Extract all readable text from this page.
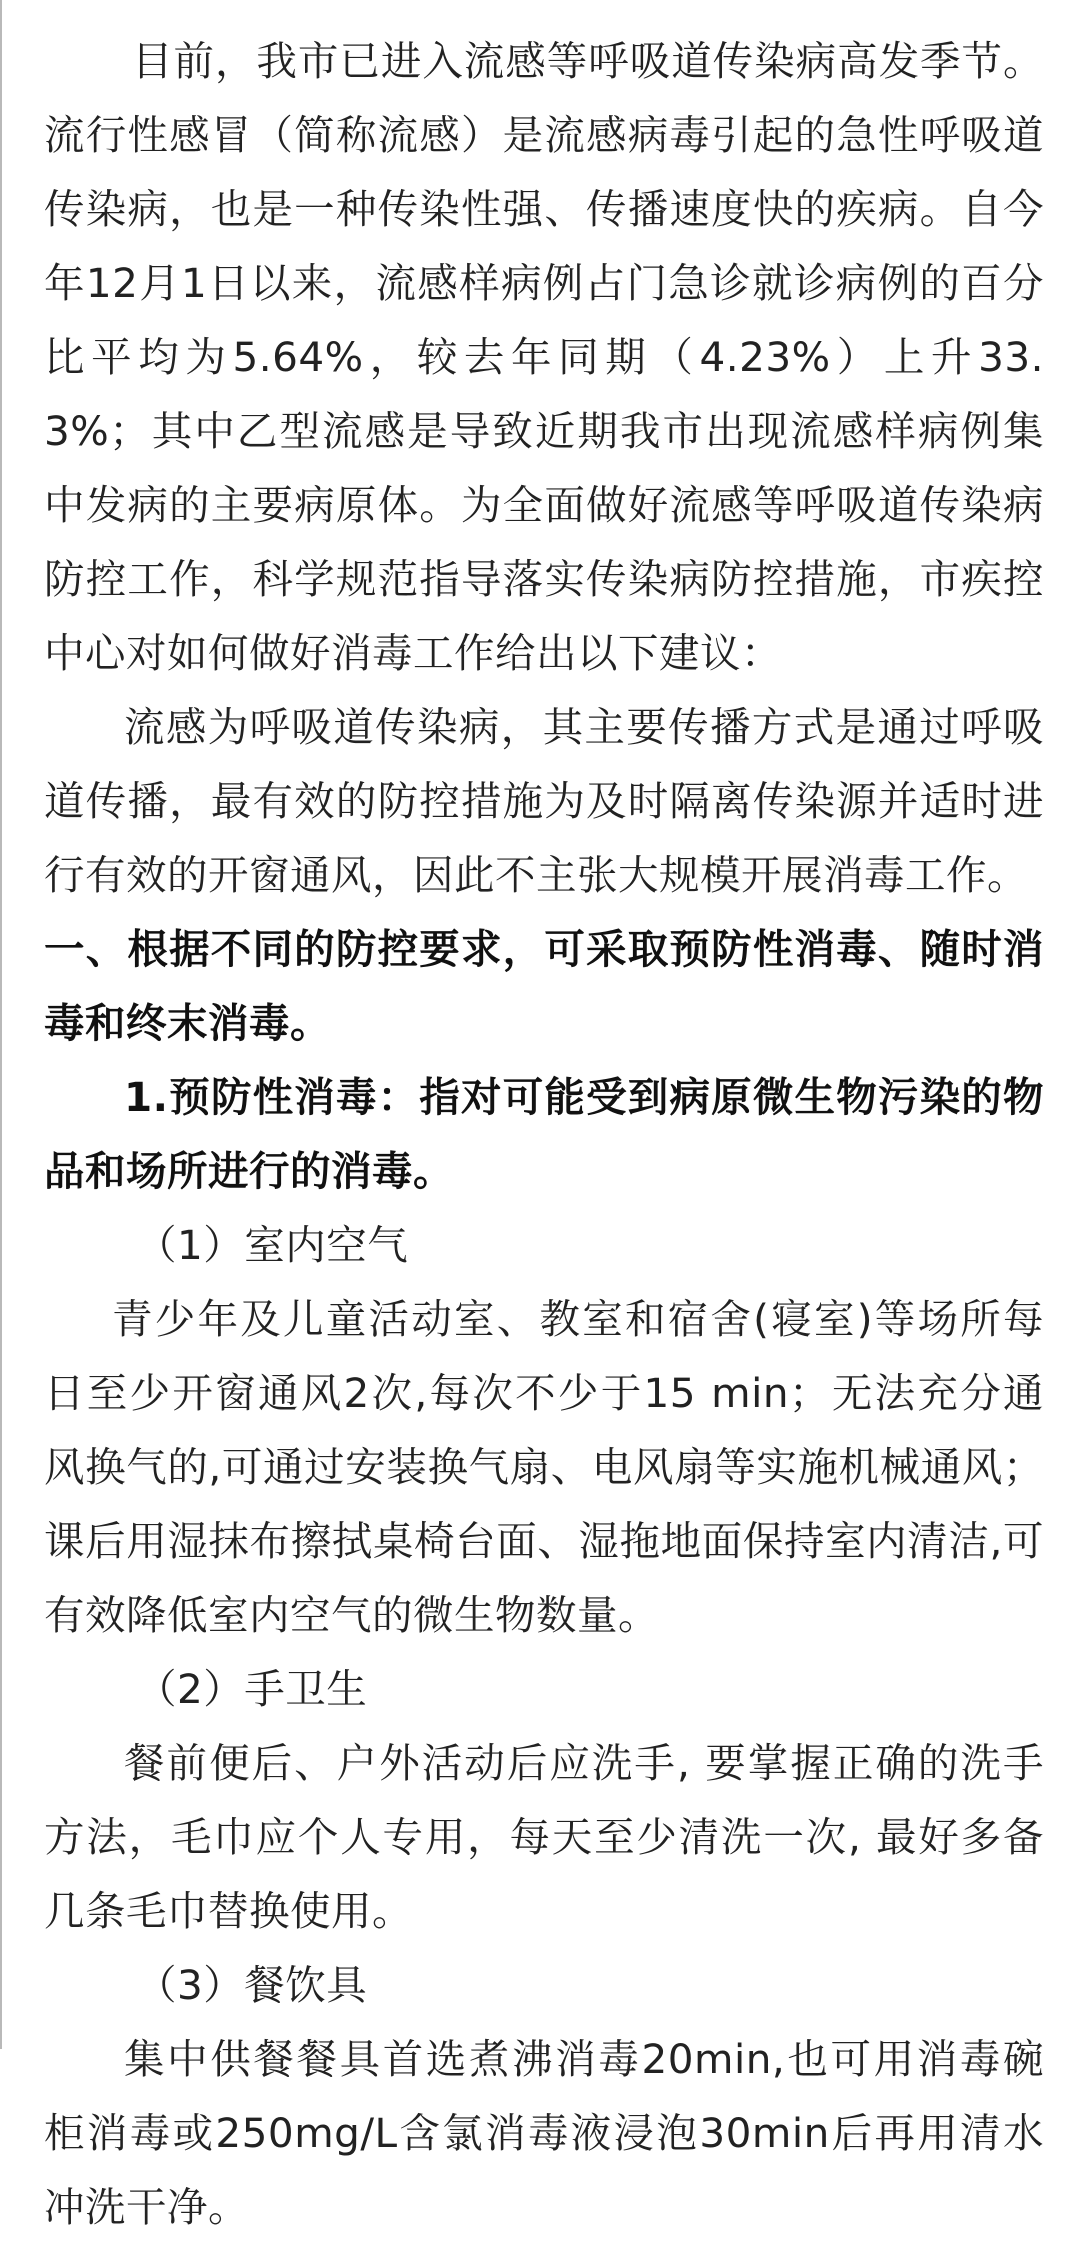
目前，我市已进入流感等呼吸道传染病高发季节。流行性感冒（简称流感）是流感病毒引起的急性呼吸道传染病，也是一种传染性强、传播速度快的疾病。自今年12月1日以来，流感样病例占门急诊就诊病例的百分比平均为5.64%，较去年同期（4.23%）上升33.3%；其中乙型流感是导致近期我市出现流感样病例集中发病的主要病原体。为全面做好流感等呼吸道传染病防控工作，科学规范指导落实传染病防控措施，市疾控中心对如何做好消毒工作给出以下建议：

流感为呼吸道传染病，其主要传播方式是通过呼吸道传播，最有效的防控措施为及时隔离传染源并适时进行有效的开窗通风，因此不主张大规模开展消毒工作。

一、根据不同的防控要求，可采取预防性消毒、随时消毒和终末消毒。

1.预防性消毒：指对可能受到病原微生物污染的物品和场所进行的消毒。

（1）室内空气

青少年及儿童活动室、教室和宿舍(寝室)等场所每日至少开窗通风2次,每次不少于15 min；无法充分通风换气的,可通过安装换气扇、电风扇等实施机械通风；课后用湿抹布擦拭桌椅台面、湿拖地面保持室内清洁,可有效降低室内空气的微生物数量。

（2）手卫生

餐前便后、户外活动后应洗手, 要掌握正确的洗手方法，毛巾应个人专用，每天至少清洗一次, 最好多备几条毛巾替换使用。

（3）餐饮具

集中供餐餐具首选煮沸消毒20min,也可用消毒碗柜消毒或250mg/L含氯消毒液浸泡30min后再用清水冲洗干净。
